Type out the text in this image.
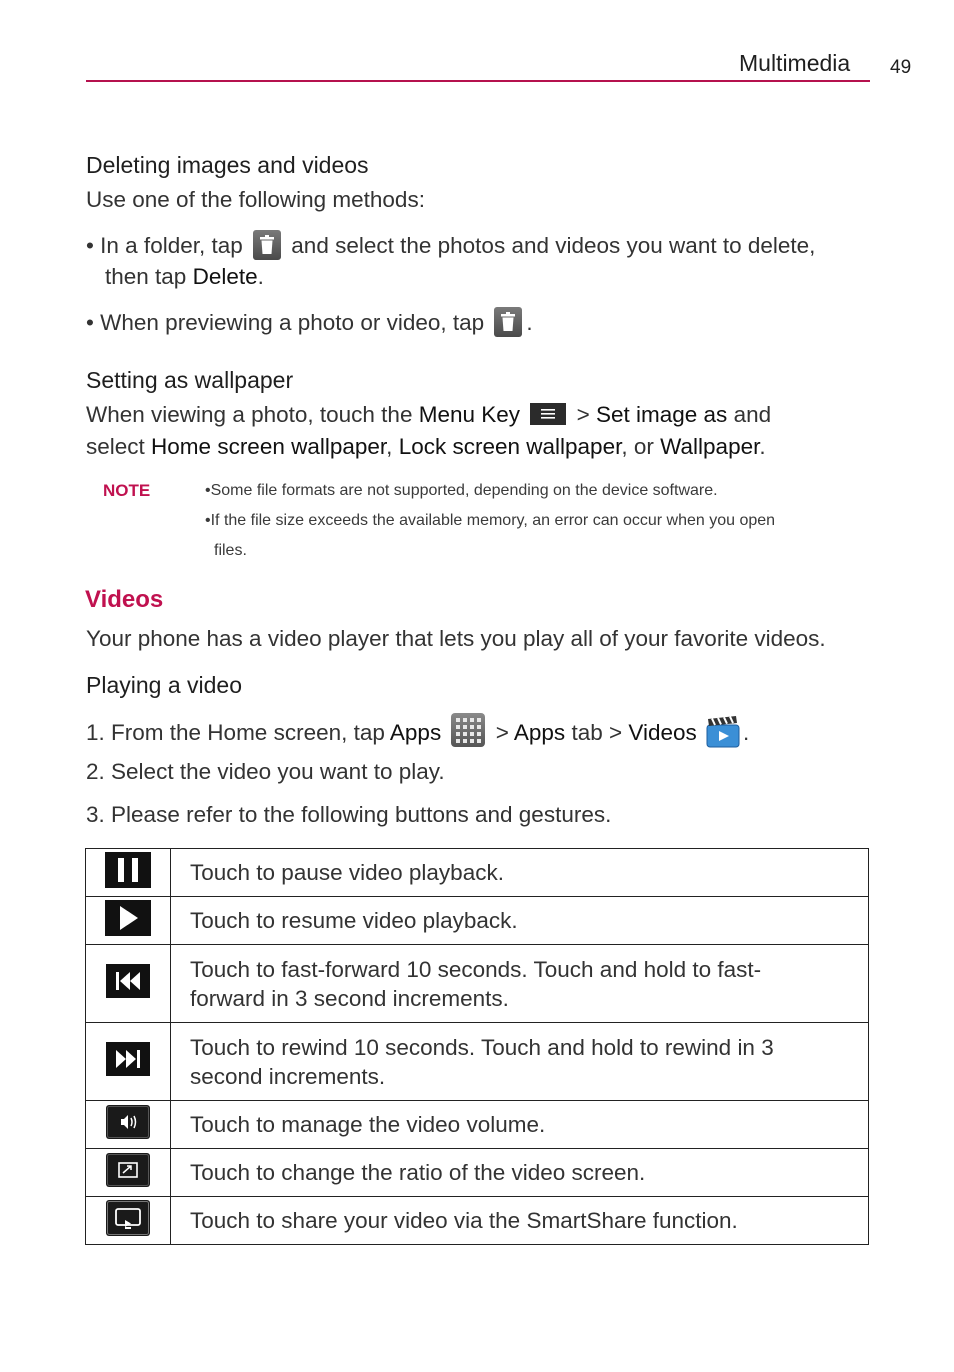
Multimedia 49
Deleting images and videos
Use one of the following methods:
• In a folder, tap and select the photos and videos you want to delete,
then tap Delete.
• When previewing a photo or video, tap .
Setting as wallpaper
When viewing a photo, touch the Menu Key	> Set image as and
select Home screen wallpaper, Lock screen wallpaper, or Wallpaper.
NOTE	•Some file formats are not supported, depending on the device software.
•If the file size exceeds the available memory, an error can occur when you open
files.
Videos
Your phone has a video player that lets you play all of your favorite videos.
Playing a video
1. From the Home screen, tap Apps > Apps tab > Videos .
2. Select the video you want to play.
3. Please refer to the following buttons and gestures.
	Touch to pause video playback.
	Touch to resume video playback.

Touch to fast-forward 10 seconds. Touch and hold to fast-
forward in 3 second increments.

Touch to rewind 10 seconds. Touch and hold to rewind in 3
second increments.

	Touch to manage the video volume.
	Touch to change the ratio of the video screen.
	Touch to share your video via the SmartShare function.
